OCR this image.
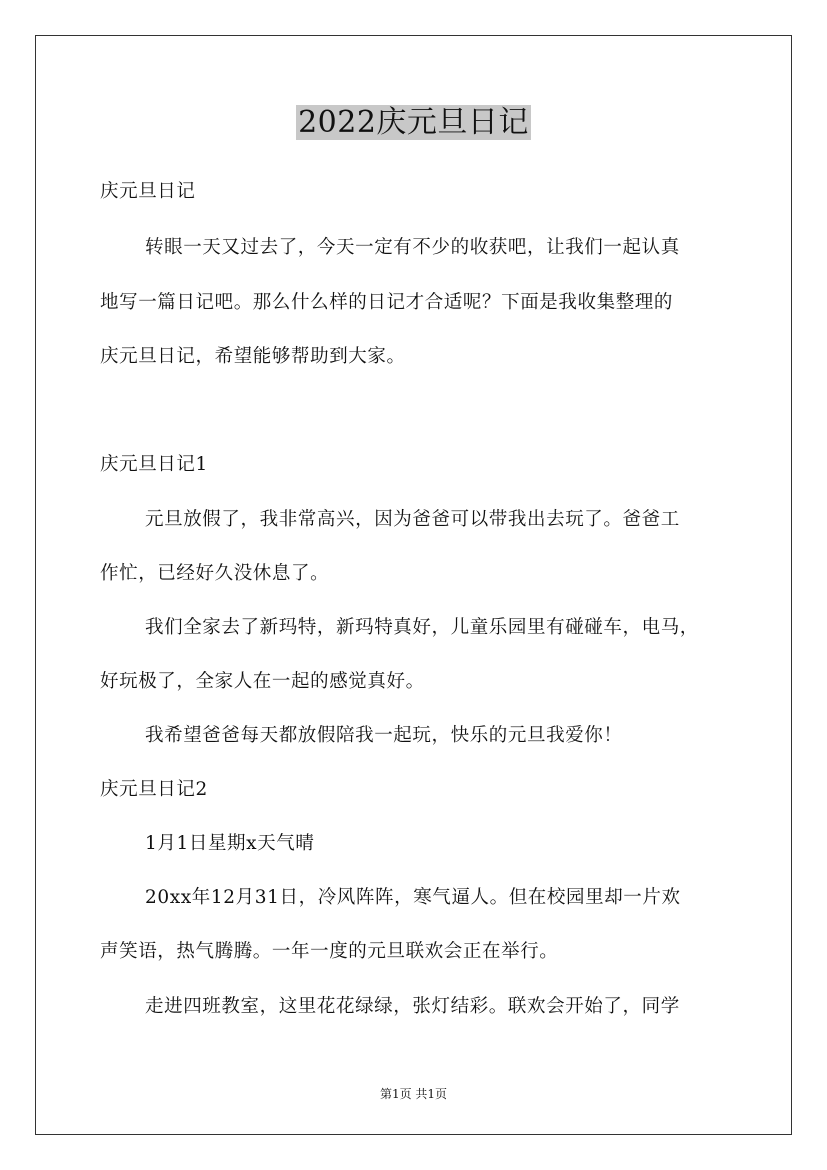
2022庆元旦日记
庆元旦日记
转眼一天又过去了，今天一定有不少的收获吧，让我们一起认真
地写一篇日记吧。那么什么样的日记才合适呢？下面是我收集整理的
庆元旦日记，希望能够帮助到大家。
庆元旦日记1
元旦放假了，我非常高兴，因为爸爸可以带我出去玩了。爸爸工
作忙，已经好久没休息了。
我们全家去了新玛特，新玛特真好，儿童乐园里有碰碰车，电马，
好玩极了，全家人在一起的感觉真好。
我希望爸爸每天都放假陪我一起玩，快乐的元旦我爱你！
庆元旦日记2
1月1日星期x天气晴
20xx年12月31日，冷风阵阵，寒气逼人。但在校园里却一片欢
声笑语，热气腾腾。一年一度的元旦联欢会正在举行。
走进四班教室，这里花花绿绿，张灯结彩。联欢会开始了，同学
第1页 共1页
